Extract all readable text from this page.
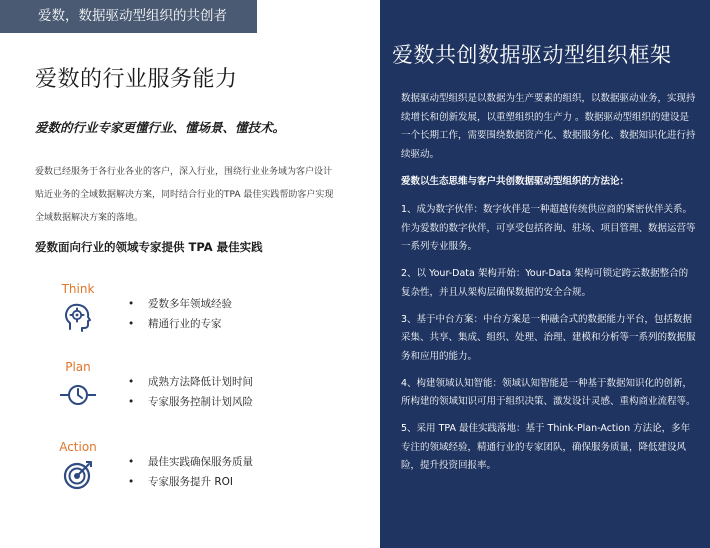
爱数，数据驱动型组织的共创者
爱数的行业服务能力
爱数的行业专家更懂行业、懂场景、懂技术。
爱数已经服务于各行业各业的客户，深入行业，围绕行业业务域为客户设计贴近业务的全域数据解决方案，同时结合行业的TPA 最佳实践帮助客户实现全域数据解决方案的落地。
爱数面向行业的领域专家提供 TPA 最佳实践
Think
• 爱数多年领域经验
• 精通行业的专家
Plan
• 成熟方法降低计划时间
• 专家服务控制计划风险
Action
• 最佳实践确保服务质量
• 专家服务提升 ROI
爱数共创数据驱动型组织框架

数据驱动型组织是以数据为生产要素的组织，以数据驱动业务，实现持续增长和创新发展，以重塑组织的生产力 。数据驱动型组织的建设是一个长期工作，需要围绕数据资产化、数据服务化、数据知识化进行持续驱动。

爱数以生态思维与客户共创数据驱动型组织的方法论：

1、成为数字伙伴：数字伙伴是一种超越传统供应商的紧密伙伴关系。作为爱数的数字伙伴，可享受包括咨询、驻场、项目管理、数据运营等一系列专业服务。

2、以 Your-Data 架构开始：Your-Data 架构可锁定跨云数据整合的复杂性，并且从架构层确保数据的安全合规。

3、基于中台方案：中台方案是一种融合式的数据能力平台，包括数据采集、共享、集成、组织、处理、治理、建模和分析等一系列的数据服务和应用的能力。

4、构建领域认知智能：领域认知智能是一种基于数据知识化的创新，所构建的领域知识可用于组织决策、激发设计灵感、重构商业流程等。

5、采用 TPA 最佳实践落地：基于 Think-Plan-Action 方法论，多年专注的领域经验，精通行业的专家团队，确保服务质量，降低建设风险，提升投资回报率。
